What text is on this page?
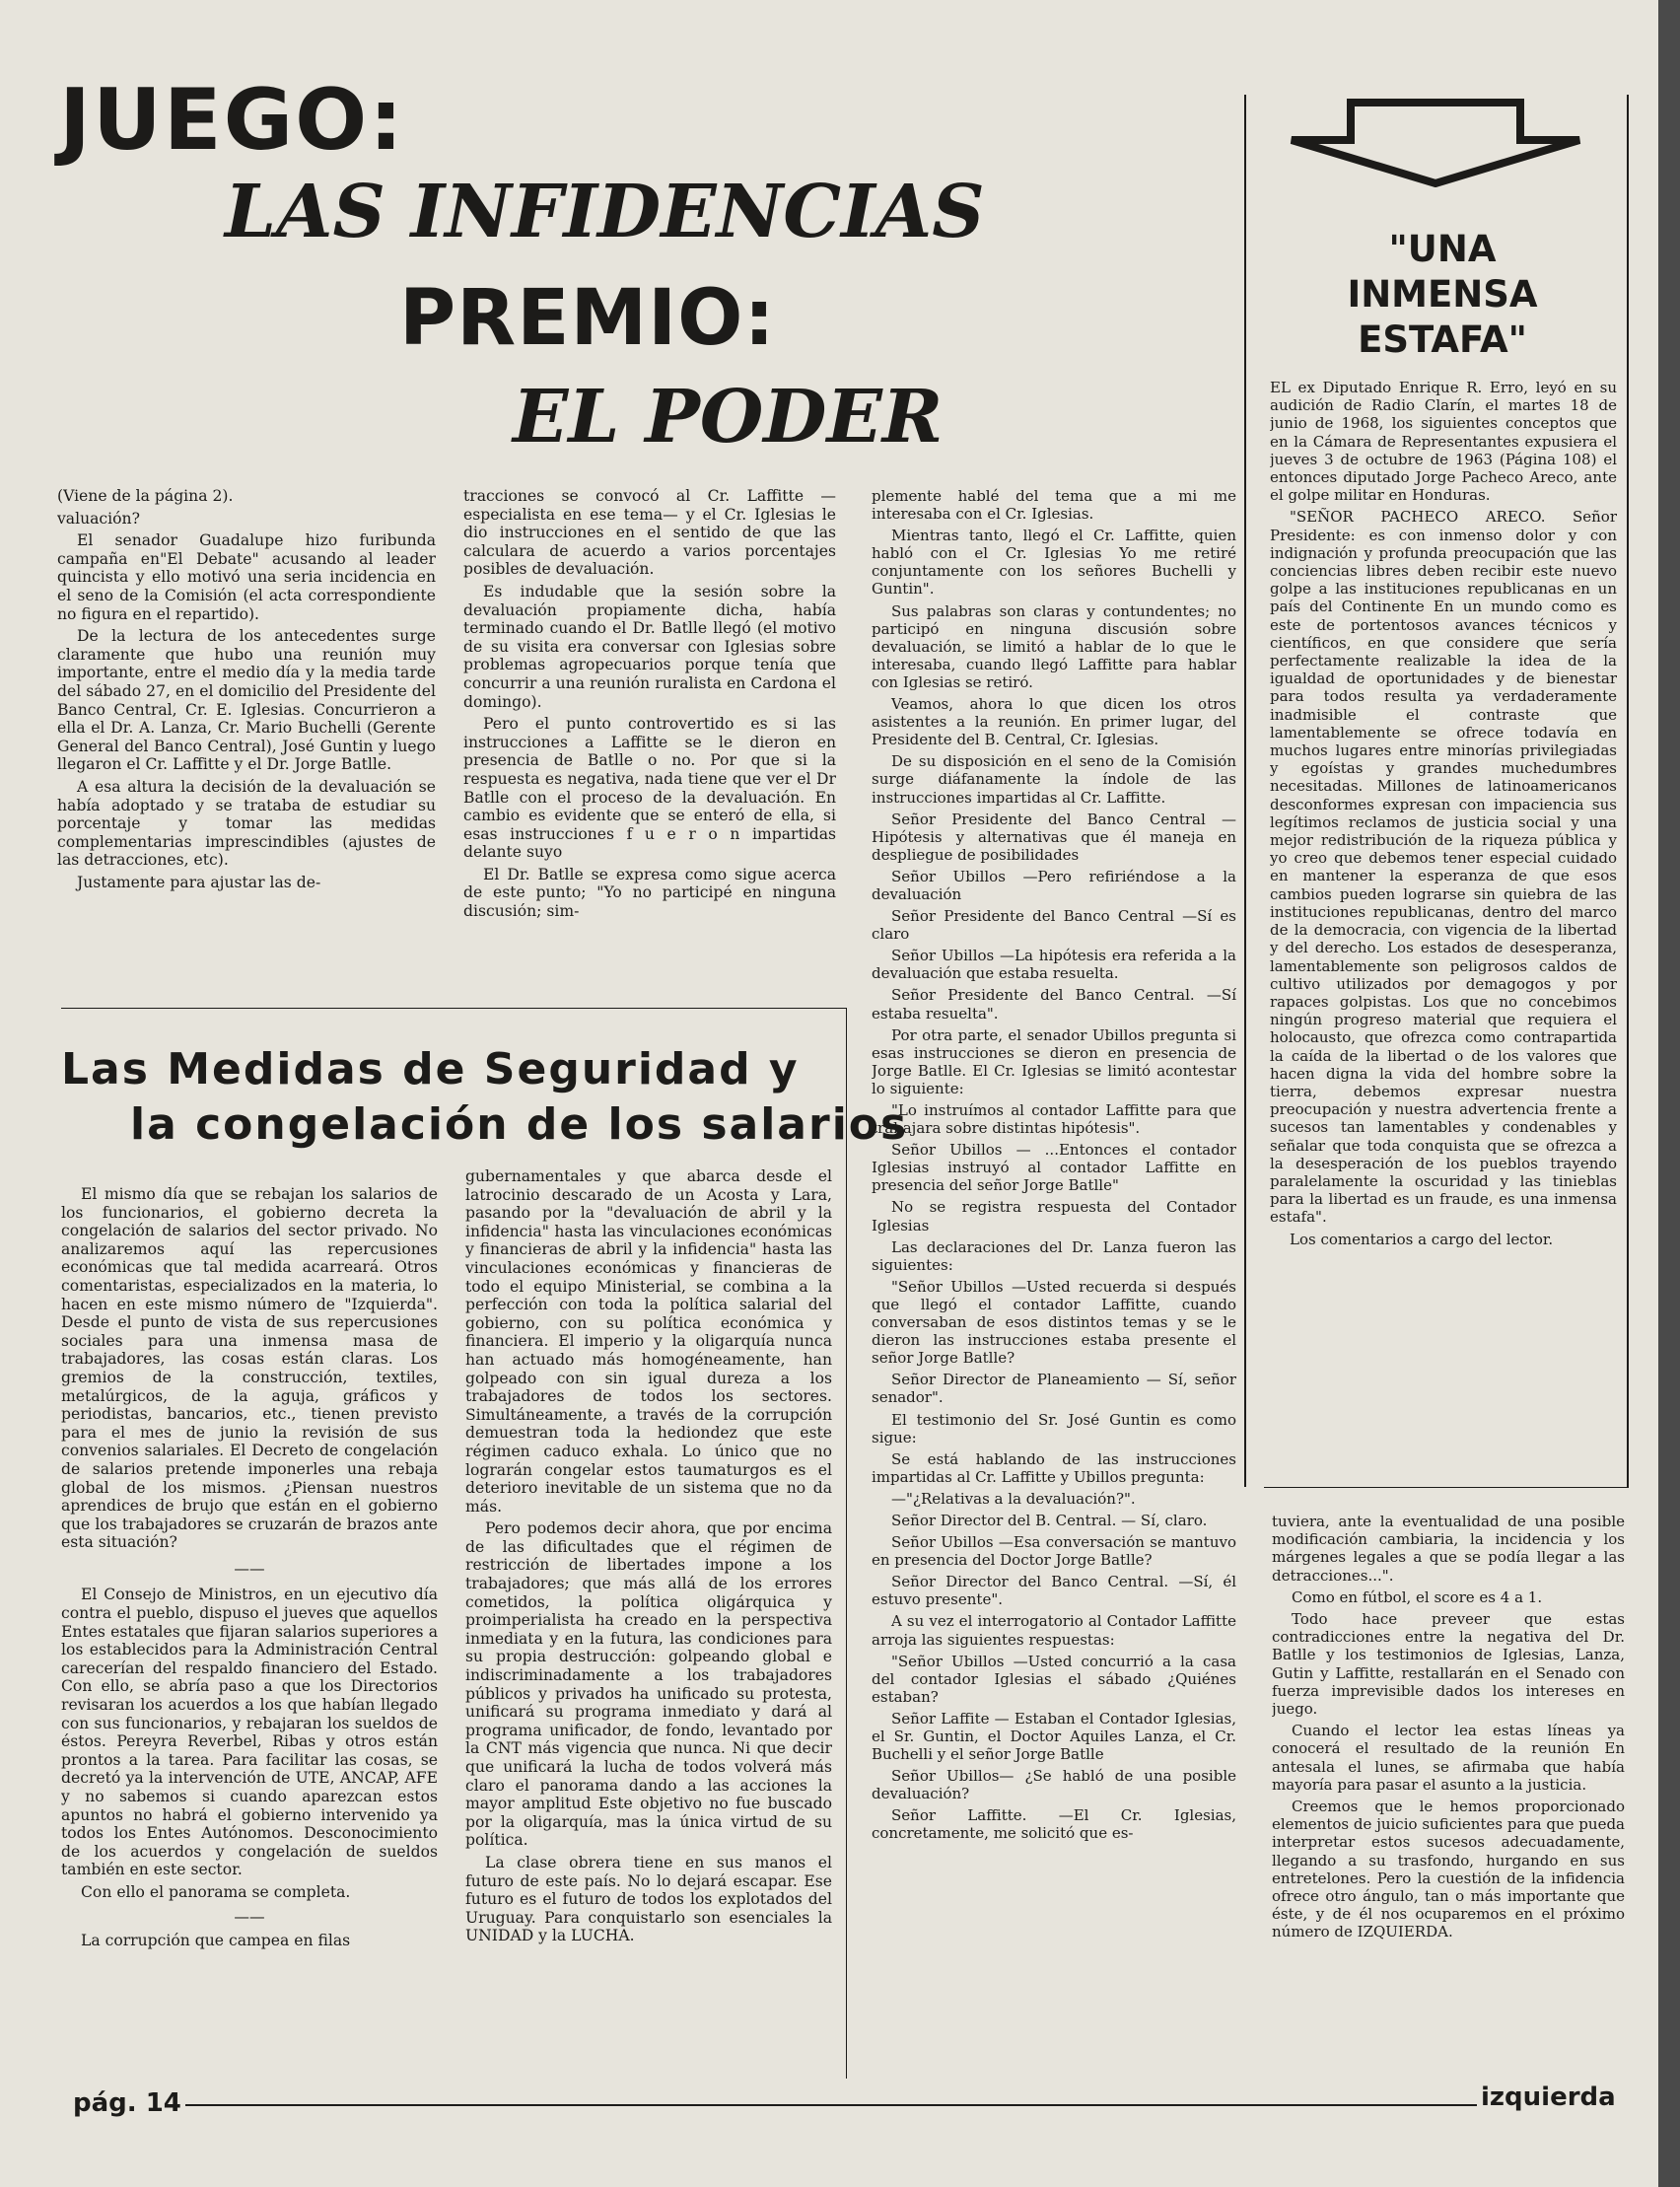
JUEGO:
LAS INFIDENCIAS
PREMIO:
EL PODER

(Viene de la página 2).

valuación?

El senador Guadalupe hizo furibunda campaña en"El Debate" acusando al leader quincista y ello motivó una seria incidencia en el seno de la Comisión (el acta correspondiente no figura en el repartido).

De la lectura de los antecedentes surge claramente que hubo una reunión muy importante, entre el medio día y la media tarde del sábado 27, en el domicilio del Presidente del Banco Central, Cr. E. Iglesias. Concurrieron a ella el Dr. A. Lanza, Cr. Mario Buchelli (Gerente General del Banco Central), José Guntin y luego llegaron el Cr. Laffitte y el Dr. Jorge Batlle.

A esa altura la decisión de la devaluación se había adoptado y se trataba de estudiar su porcentaje y tomar las medidas complementarias imprescindibles (ajustes de las detracciones, etc).

Justamente para ajustar las de-

tracciones se convocó al Cr. Laffitte —especialista en ese tema— y el Cr. Iglesias le dio instrucciones en el sentido de que las calculara de acuerdo a varios porcentajes posibles de devaluación.

Es indudable que la sesión sobre la devaluación propiamente dicha, había terminado cuando el Dr. Batlle llegó (el motivo de su visita era conversar con Iglesias sobre problemas agropecuarios porque tenía que concurrir a una reunión ruralista en Cardona el domingo).

Pero el punto controvertido es si las instrucciones a Laffitte se le dieron en presencia de Batlle o no. Por que si la respuesta es negativa, nada tiene que ver el Dr Batlle con el proceso de la devaluación. En cambio es evidente que se enteró de ella, si esas instrucciones f u e r o n impartidas delante suyo

El Dr. Batlle se expresa como sigue acerca de este punto; "Yo no participé en ninguna discusión; sim-

plemente hablé del tema que a mi me interesaba con el Cr. Iglesias.

Mientras tanto, llegó el Cr. Laffitte, quien habló con el Cr. Iglesias Yo me retiré conjuntamente con los señores Buchelli y Guntin".

Sus palabras son claras y contundentes; no participó en ninguna discusión sobre devaluación, se limitó a hablar de lo que le interesaba, cuando llegó Laffitte para hablar con Iglesias se retiró.

Veamos, ahora lo que dicen los otros asistentes a la reunión. En primer lugar, del Presidente del B. Central, Cr. Iglesias.

De su disposición en el seno de la Comisión surge diáfanamente la índole de las instrucciones impartidas al Cr. Laffitte.

Señor Presidente del Banco Central —Hipótesis y alternativas que él maneja en despliegue de posibilidades

Señor Ubillos —Pero refiriéndose a la devaluación

Señor Presidente del Banco Central —Sí es claro

Señor Ubillos —La hipótesis era referida a la devaluación que estaba resuelta.

Señor Presidente del Banco Central. —Sí estaba resuelta".

Por otra parte, el senador Ubillos pregunta si esas instrucciones se dieron en presencia de Jorge Batlle. El Cr. Iglesias se limitó acontestar lo siguiente:

"Lo instruímos al contador Laffitte para que trabajara sobre distintas hipótesis".

Señor Ubillos — ...Entonces el contador Iglesias instruyó al contador Laffitte en presencia del señor Jorge Batlle"

No se registra respuesta del Contador Iglesias

Las declaraciones del Dr. Lanza fueron las siguientes:

"Señor Ubillos —Usted recuerda si después que llegó el contador Laffitte, cuando conversaban de esos distintos temas y se le dieron las instrucciones estaba presente el señor Jorge Batlle?

Señor Director de Planeamiento — Sí, señor senador".

El testimonio del Sr. José Guntin es como sigue:

Se está hablando de las instrucciones impartidas al Cr. Laffitte y Ubillos pregunta:

—"¿Relativas a la devaluación?".

Señor Director del B. Central. — Sí, claro.

Señor Ubillos —Esa conversación se mantuvo en presencia del Doctor Jorge Batlle?

Señor Director del Banco Central. —Sí, él estuvo presente".

A su vez el interrogatorio al Contador Laffitte arroja las siguientes respuestas:

"Señor Ubillos —Usted concurrió a la casa del contador Iglesias el sábado ¿Quiénes estaban?

Señor Laffite — Estaban el Contador Iglesias, el Sr. Guntin, el Doctor Aquiles Lanza, el Cr. Buchelli y el señor Jorge Batlle

Señor Ubillos— ¿Se habló de una posible devaluación?

Señor Laffitte. —El Cr. Iglesias, concretamente, me solicitó que es-

Las Medidas de Seguridad y
la congelación de los salarios

El mismo día que se rebajan los salarios de los funcionarios, el gobierno decreta la congelación de salarios del sector privado. No analizaremos aquí las repercusiones económicas que tal medida acarreará. Otros comentaristas, especializados en la materia, lo hacen en este mismo número de "Izquierda". Desde el punto de vista de sus repercusiones sociales para una inmensa masa de trabajadores, las cosas están claras. Los gremios de la construcción, textiles, metalúrgicos, de la aguja, gráficos y periodistas, bancarios, etc., tienen previsto para el mes de junio la revisión de sus convenios salariales. El Decreto de congelación de salarios pretende imponerles una rebaja global de los mismos. ¿Piensan nuestros aprendices de brujo que están en el gobierno que los trabajadores se cruzarán de brazos ante esta situación?

——

El Consejo de Ministros, en un ejecutivo día contra el pueblo, dispuso el jueves que aquellos Entes estatales que fijaran salarios superiores a los establecidos para la Administración Central carecerían del respaldo financiero del Estado. Con ello, se abría paso a que los Directorios revisaran los acuerdos a los que habían llegado con sus funcionarios, y rebajaran los sueldos de éstos. Pereyra Reverbel, Ribas y otros están prontos a la tarea. Para facilitar las cosas, se decretó ya la intervención de UTE, ANCAP, AFE y no sabemos si cuando aparezcan estos apuntos no habrá el gobierno intervenido ya todos los Entes Autónomos. Desconocimiento de los acuerdos y congelación de sueldos también en este sector.

Con ello el panorama se completa.

——

La corrupción que campea en filas

gubernamentales y que abarca desde el latrocinio descarado de un Acosta y Lara, pasando por la "devaluación de abril y la infidencia" hasta las vinculaciones económicas y financieras de abril y la infidencia" hasta las vinculaciones económicas y financieras de todo el equipo Ministerial, se combina a la perfección con toda la política salarial del gobierno, con su política económica y financiera. El imperio y la oligarquía nunca han actuado más homogéneamente, han golpeado con sin igual dureza a los trabajadores de todos los sectores. Simultáneamente, a través de la corrupción demuestran toda la hediondez que este régimen caduco exhala. Lo único que no lograrán congelar estos taumaturgos es el deterioro inevitable de un sistema que no da más.

Pero podemos decir ahora, que por encima de las dificultades que el régimen de restricción de libertades impone a los trabajadores; que más allá de los errores cometidos, la política oligárquica y proimperialista ha creado en la perspectiva inmediata y en la futura, las condiciones para su propia destrucción: golpeando global e indiscriminadamente a los trabajadores públicos y privados ha unificado su protesta, unificará su programa inmediato y dará al programa unificador, de fondo, levantado por la CNT más vigencia que nunca. Ni que decir que unificará la lucha de todos volverá más claro el panorama dando a las acciones la mayor amplitud Este objetivo no fue buscado por la oligarquía, mas la única virtud de su política.

La clase obrera tiene en sus manos el futuro de este país. No lo dejará escapar. Ese futuro es el futuro de todos los explotados del Uruguay. Para conquistarlo son esenciales la UNIDAD y la LUCHA.

"UNA
INMENSA
ESTAFA"

EL ex Diputado Enrique R. Erro, leyó en su audición de Radio Clarín, el martes 18 de junio de 1968, los siguientes conceptos que en la Cámara de Representantes expusiera el jueves 3 de octubre de 1963 (Página 108) el entonces diputado Jorge Pacheco Areco, ante el golpe militar en Honduras.

"SEÑOR PACHECO ARECO. Señor Presidente: es con inmenso dolor y con indignación y profunda preocupación que las conciencias libres deben recibir este nuevo golpe a las instituciones republicanas en un país del Continente En un mundo como es este de portentosos avances técnicos y científicos, en que considere que sería perfectamente realizable la idea de la igualdad de oportunidades y de bienestar para todos resulta ya verdaderamente inadmisible el contraste que lamentablemente se ofrece todavía en muchos lugares entre minorías privilegiadas y egoístas y grandes muchedumbres necesitadas. Millones de latinoamericanos desconformes expresan con impaciencia sus legítimos reclamos de justicia social y una mejor redistribución de la riqueza pública y yo creo que debemos tener especial cuidado en mantener la esperanza de que esos cambios pueden lograrse sin quiebra de las instituciones republicanas, dentro del marco de la democracia, con vigencia de la libertad y del derecho. Los estados de desesperanza, lamentablemente son peligrosos caldos de cultivo utilizados por demagogos y por rapaces golpistas. Los que no concebimos ningún progreso material que requiera el holocausto, que ofrezca como contrapartida la caída de la libertad o de los valores que hacen digna la vida del hombre sobre la tierra, debemos expresar nuestra preocupación y nuestra advertencia frente a sucesos tan lamentables y condenables y señalar que toda conquista que se ofrezca a la desesperación de los pueblos trayendo paralelamente la oscuridad y las tinieblas para la libertad es un fraude, es una inmensa estafa".

Los comentarios a cargo del lector.

tuviera, ante la eventualidad de una posible modificación cambiaria, la incidencia y los márgenes legales a que se podía llegar a las detracciones...".

Como en fútbol, el score es 4 a 1.

Todo hace preveer que estas contradicciones entre la negativa del Dr. Batlle y los testimonios de Iglesias, Lanza, Gutin y Laffitte, restallarán en el Senado con fuerza imprevisible dados los intereses en juego.

Cuando el lector lea estas líneas ya conocerá el resultado de la reunión En antesala el lunes, se afirmaba que había mayoría para pasar el asunto a la justicia.

Creemos que le hemos proporcionado elementos de juicio suficientes para que pueda interpretar estos sucesos adecuadamente, llegando a su trasfondo, hurgando en sus entretelones. Pero la cuestión de la infidencia ofrece otro ángulo, tan o más importante que éste, y de él nos ocuparemos en el próximo número de IZQUIERDA.

pág. 14	izquierda
